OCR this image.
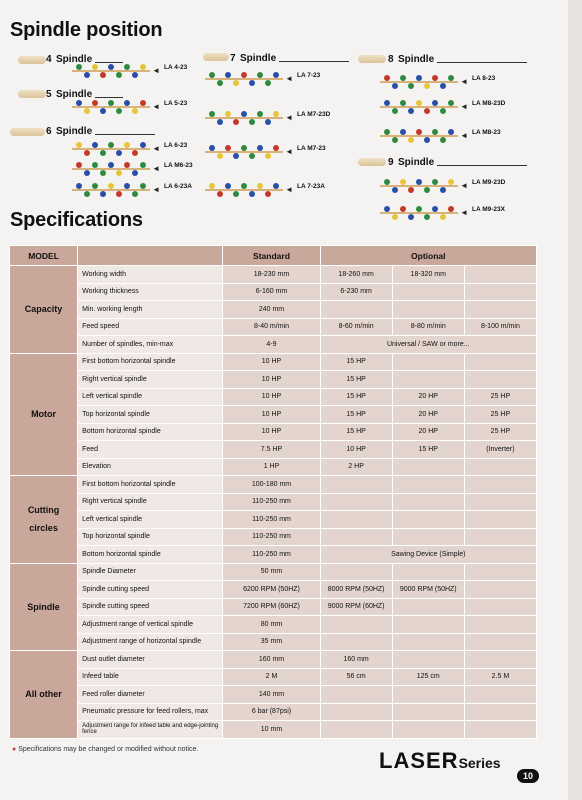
Spindle position
Specifications
4
Spindle
5
Spindle
6
Spindle
7
Spindle	8
Spindle
9
Spindle
◄ LA 4-23
◄ LA 5-23
◄ LA 6-23
◄ LA M6-23
◄ LA 6-23A
◄ LA 7-23
◄ LA M7-23D
◄ LA M7-23
◄ LA 7-23A
◄ LA 8-23
◄ LA M8-23D
◄ LA M8-23
◄ LA M9-23D
◄ LA M9-23X
MODEL		Standard	Optional		
Capacity	Working width	18-230 mm	18-260 mm	18-320 mm	
	Working thickness	6-160 mm	6-230 mm		
	Min. working length	240 mm			
	Feed speed	8-40 m/min	8-60 m/min	8-80 m/min	8-100 m/min
	Number of spindles, min-max	4-9	Universal / SAW or more...		
Motor	First bottom horizontal spindle	10 HP	15 HP		
	Right vertical spindle	10 HP	15 HP		
	Left vertical spindle	10 HP	15 HP	20 HP	25 HP
	Top horizontal spindle	10 HP	15 HP	20 HP	25 HP
	Bottom horizontal spindle	10 HP	15 HP	20 HP	25 HP
	Feed	7.5 HP	10 HP	15 HP	(Inverter)
	Elevation	1 HP	2 HP		
Cutting circles	First bottom horizontal spindle	100-180 mm			
	Right vertical spindle	110-250 mm			
	Left vertical spindle	110-250 mm			
	Top horizontal spindle	110-250 mm			
	Bottom horizontal spindle	110-250 mm	Sawing Device (Simple)		
Spindle	Spindle Diameter	50 mm			
	Spindle cutting speed	6200 RPM (50HZ)	8000 RPM (50HZ)	9000 RPM (50HZ)	
	Spindle cutting speed	7200 RPM (60HZ)	9000 RPM (60HZ)		
	Adjustment range of vertical spindle	80 mm			
	Adjustment range of horizontal spindle	35 mm			
All other	Dust outlet diameter	160 mm	160 mm		
	Infeed table	2 M	56 cm	125 cm	2.5 M
	Feed roller diameter	140 mm			
	Pneumatic pressure for feed rollers, max	6 bar (87psi)			
	Adjustment range for infeed table and edge-jointing fence	10 mm			
● Specifications may be changed or modified without notice.	LASERSeries
10
